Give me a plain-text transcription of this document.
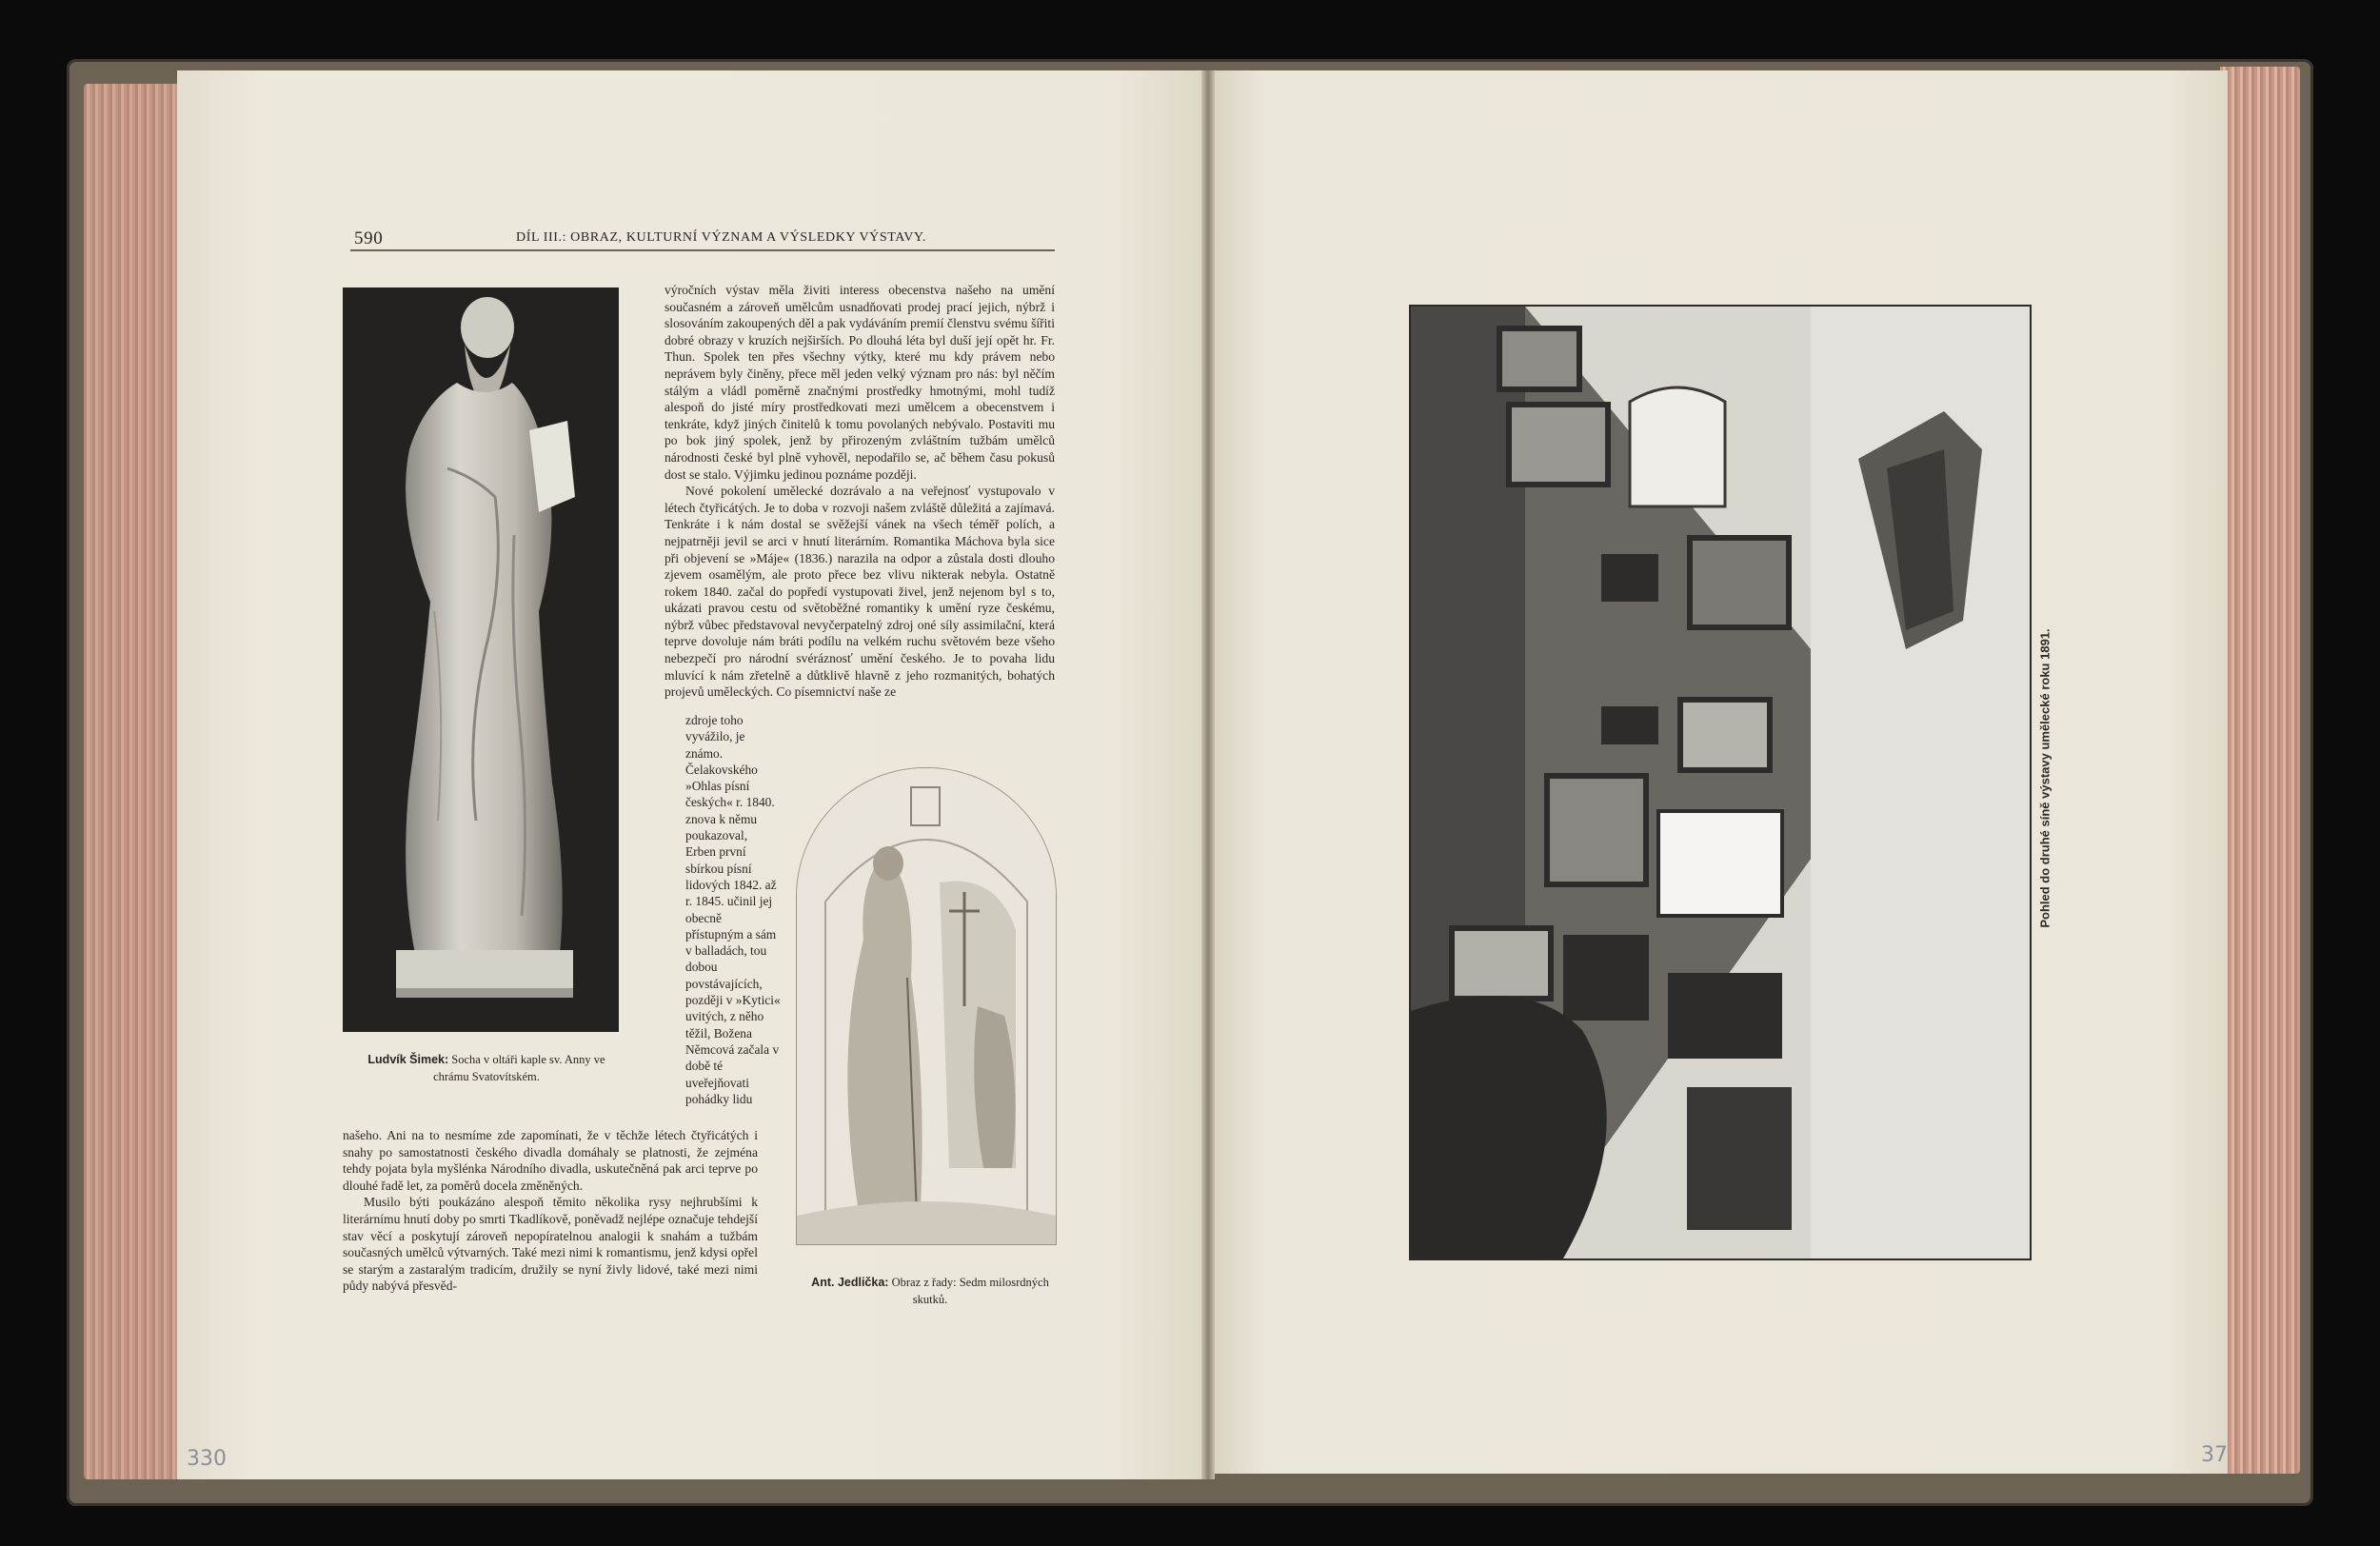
590	DÍL III.: OBRAZ, KULTURNÍ VÝZNAM A VÝSLEDKY VÝSTAVY.
Ludvík Šimek: Socha v oltáři kaple sv. Anny ve chrámu Svatovítském.

výročních výstav měla živiti interess obecenstva našeho na umění současném a zároveň umělcům usnadňovati prodej prací jejich, nýbrž i slosováním zakoupených děl a pak vydáváním premií členstvu svému šířiti dobré obrazy v kruzích nejširších. Po dlouhá léta byl duší její opět hr. Fr. Thun. Spolek ten přes všechny výtky, které mu kdy právem nebo neprávem byly činěny, přece měl jeden velký význam pro nás: byl něčím stálým a vládl poměrně značnými prostředky hmotnými, mohl tudíž alespoň do jisté míry prostředkovati mezi umělcem a obecenstvem i tenkráte, když jiných činitelů k tomu povolaných nebývalo. Postaviti mu po bok jiný spolek, jenž by přirozeným zvláštním tužbám umělců národnosti české byl plně vyhověl, nepodařilo se, ač během času pokusů dost se stalo. Výjimku jedinou poznáme později.

Nové pokolení umělecké dozrávalo a na veřejnosť vystupovalo v létech čtyřicátých. Je to doba v rozvoji našem zvláště důležitá a zajímavá. Tenkráte i k nám dostal se svěžejší vánek na všech téměř polích, a nejpatrněji jevil se arci v hnutí literárním. Romantika Máchova byla sice při objevení se »Máje« (1836.) narazila na odpor a zůstala dosti dlouho zjevem osamělým, ale proto přece bez vlivu nikterak nebyla. Ostatně rokem 1840. začal do popředí vystupovati živel, jenž nejenom byl s to, ukázati pravou cestu od světoběžné romantiky k umění ryze českému, nýbrž vůbec představoval nevyčerpatelný zdroj oné síly assimilační, která teprve dovoluje nám bráti podílu na velkém ruchu světovém beze všeho nebezpečí pro národní svéráznosť umění českého. Je to povaha lidu mluvící k nám zřetelně a důtklivě hlavně z jeho rozmanitých, bohatých projevů uměleckých. Co písemnictví naše ze

zdroje toho vyvážilo, je známo. Čelakovského »Ohlas písní českých« r. 1840. znova k němu poukazoval, Erben první sbírkou písní lidových 1842. až r. 1845. učinil jej obecně přístupným a sám v balladách, tou dobou povstávajících, později v »Kytici« uvitých, z něho těžil, Božena Němcová začala v době té uveřejňovati pohádky lidu

Ant. Jedlička: Obraz z řady: Sedm milosrdných skutků.

našeho. Ani na to nesmíme zde zapomínati, že v těchže létech čtyřicátých i snahy po samostatnosti českého divadla domáhaly se platnosti, že zejména tehdy pojata byla myšlénka Národního divadla, uskutečněná pak arci teprve po dlouhé řadě let, za poměrů docela změněných.

Musilo býti poukázáno alespoň těmito několika rysy nejhrubšími k literárnímu hnutí doby po smrti Tkadlíkově, poněvadž nejlépe označuje tehdejší stav věcí a poskytují zároveň nepopíratelnou analogii k snahám a tužbám současných umělců výtvarných. Také mezi nimi k romantismu, jenž kdysi opřel se starým a zastaralým tradicím, družily se nyní živly lidové, také mezi nimi půdy nabývá přesvěd-

Pohled do druhé síně výstavy umělecké roku 1891.
330	37
